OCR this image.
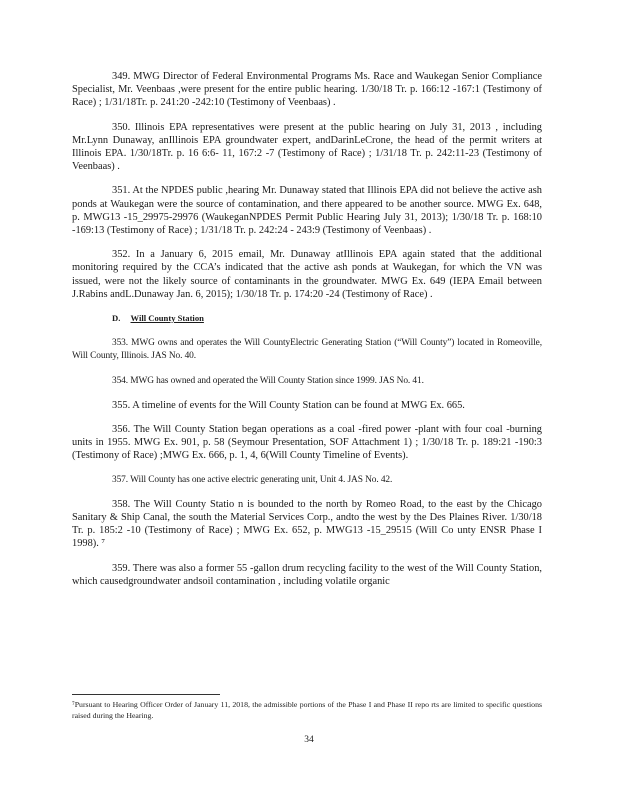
349. MWG Director of Federal Environmental Programs Ms. Race and Waukegan Senior Compliance Specialist, Mr. Veenbaas ,were present for the entire public hearing. 1/30/18 Tr. p. 166:12 -167:1 (Testimony of Race) ; 1/31/18Tr. p. 241:20 -242:10 (Testimony of Veenbaas) .

350. Illinois EPA representatives were present at the public hearing on July 31, 2013 , including Mr.Lynn Dunaway, anIllinois EPA groundwater expert, andDarinLeCrone, the head of the permit writers at Illinois EPA. 1/30/18Tr. p. 16 6:6- 11, 167:2 -7 (Testimony of Race) ; 1/31/18 Tr. p. 242:11-23 (Testimony of Veenbaas) .

351. At the NPDES public ,hearing Mr. Dunaway stated that Illinois EPA did not believe the active ash ponds at Waukegan were the source of contamination, and there appeared to be another source. MWG Ex. 648, p. MWG13 -15_29975-29976 (WaukeganNPDES Permit Public Hearing July 31, 2013); 1/30/18 Tr. p. 168:10 -169:13 (Testimony of Race) ; 1/31/18 Tr. p. 242:24 - 243:9 (Testimony of Veenbaas) .

352. In a January 6, 2015 email, Mr. Dunaway atIllinois EPA again stated that the additional monitoring required by the CCA’s indicated that the active ash ponds at Waukegan, for which the VN was issued, were not the likely source of contaminants in the groundwater. MWG Ex. 649 (IEPA Email between J.Rabins andL.Dunaway Jan. 6, 2015); 1/30/18 Tr. p. 174:20 -24 (Testimony of Race) .

D. Will County Station

353. MWG owns and operates the Will CountyElectric Generating Station (“Will County”) located in Romeoville, Will County, Illinois. JAS No. 40.

354. MWG has owned and operated the Will County Station since 1999. JAS No. 41.

355. A timeline of events for the Will County Station can be found at MWG Ex. 665.

356. The Will County Station began operations as a coal -fired power -plant with four coal -burning units in 1955. MWG Ex. 901, p. 58 (Seymour Presentation, SOF Attachment 1) ; 1/30/18 Tr. p. 189:21 -190:3 (Testimony of Race) ;MWG Ex. 666, p. 1, 4, 6(Will County Timeline of Events).

357. Will County has one active electric generating unit, Unit 4. JAS No. 42.

358. The Will County Statio n is bounded to the north by Romeo Road, to the east by the Chicago Sanitary & Ship Canal, the south the Material Services Corp., andto the west by the Des Plaines River. 1/30/18 Tr. p. 185:2 -10 (Testimony of Race) ; MWG Ex. 652, p. MWG13 -15_29515 (Will Co unty ENSR Phase I 1998). ⁷

359. There was also a former 55 -gallon drum recycling facility to the west of the Will County Station, which causedgroundwater andsoil contamination , including volatile organic

⁷Pursuant to Hearing Officer Order of January 11, 2018, the admissible portions of the Phase I and Phase II repo rts are limited to specific questions raised during the Hearing.
34
